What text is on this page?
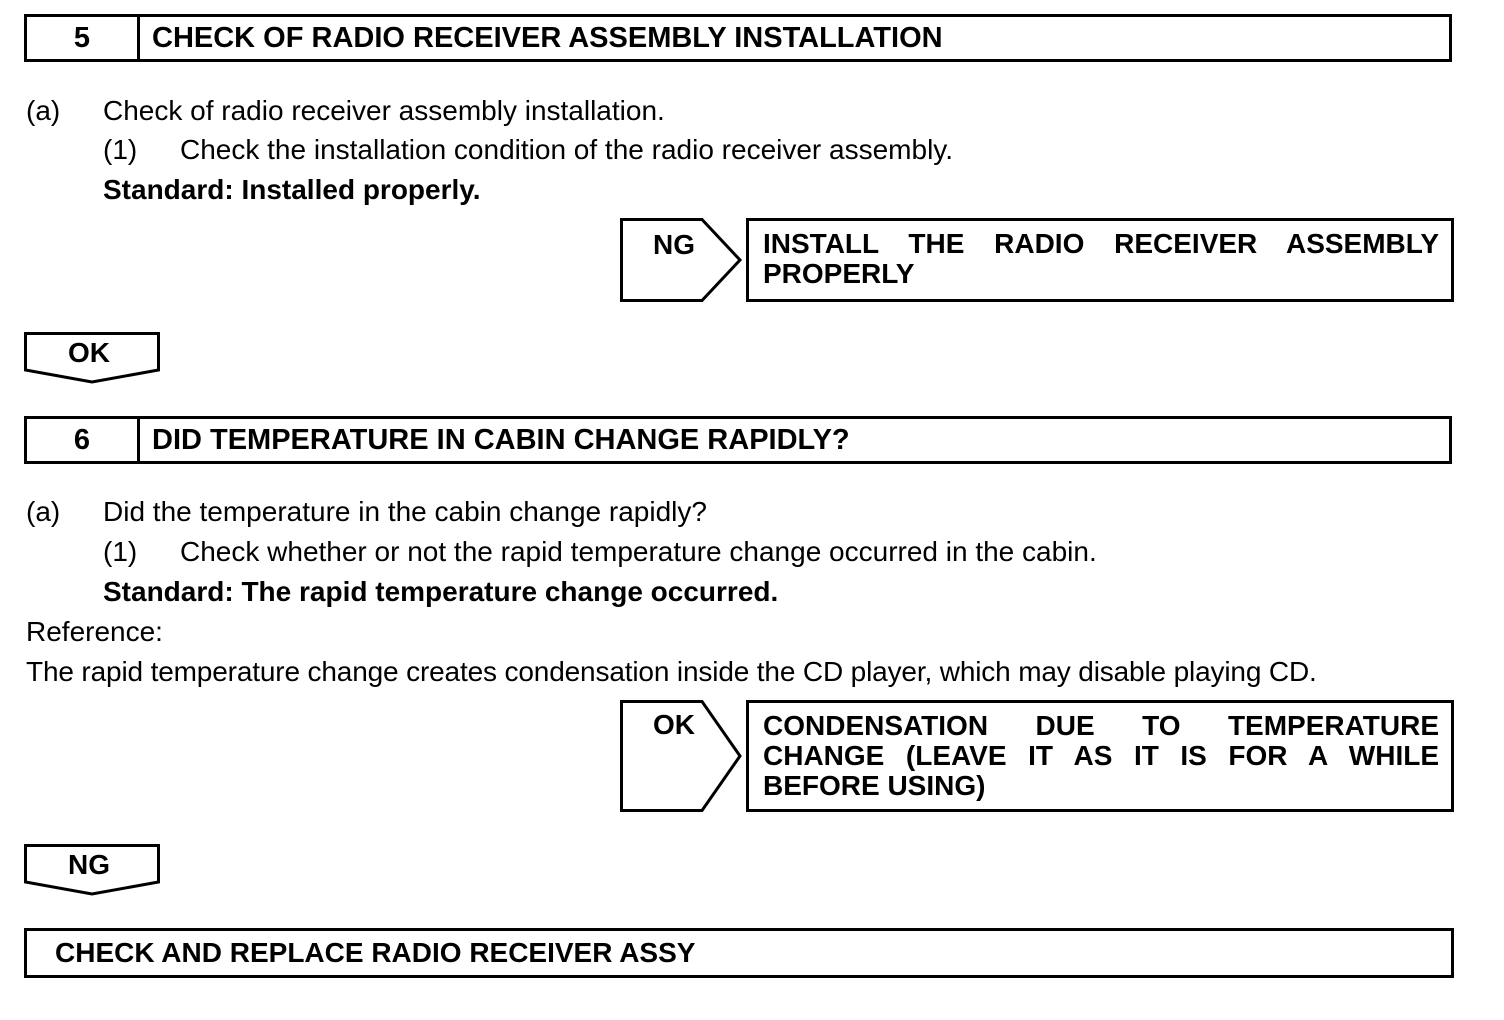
5	CHECK OF RADIO RECEIVER ASSEMBLY INSTALLATION
(a) Check of radio receiver assembly installation.
(1) Check the installation condition of the radio receiver assembly.
Standard: Installed properly.
NG INSTALL THE RADIO RECEIVER ASSEMBLY
PROPERLY
OK
6	DID TEMPERATURE IN CABIN CHANGE RAPIDLY?
(a) Did the temperature in the cabin change rapidly?
(1) Check whether or not the rapid temperature change occurred in the cabin.
Standard: The rapid temperature change occurred.
Reference:
The rapid temperature change creates condensation inside the CD player, which may disable playing CD.
OK CONDENSATION DUE TO TEMPERATURE
CHANGE (LEAVE IT AS IT IS FOR A WHILE
BEFORE USING)
NG
CHECK AND REPLACE RADIO RECEIVER ASSY
